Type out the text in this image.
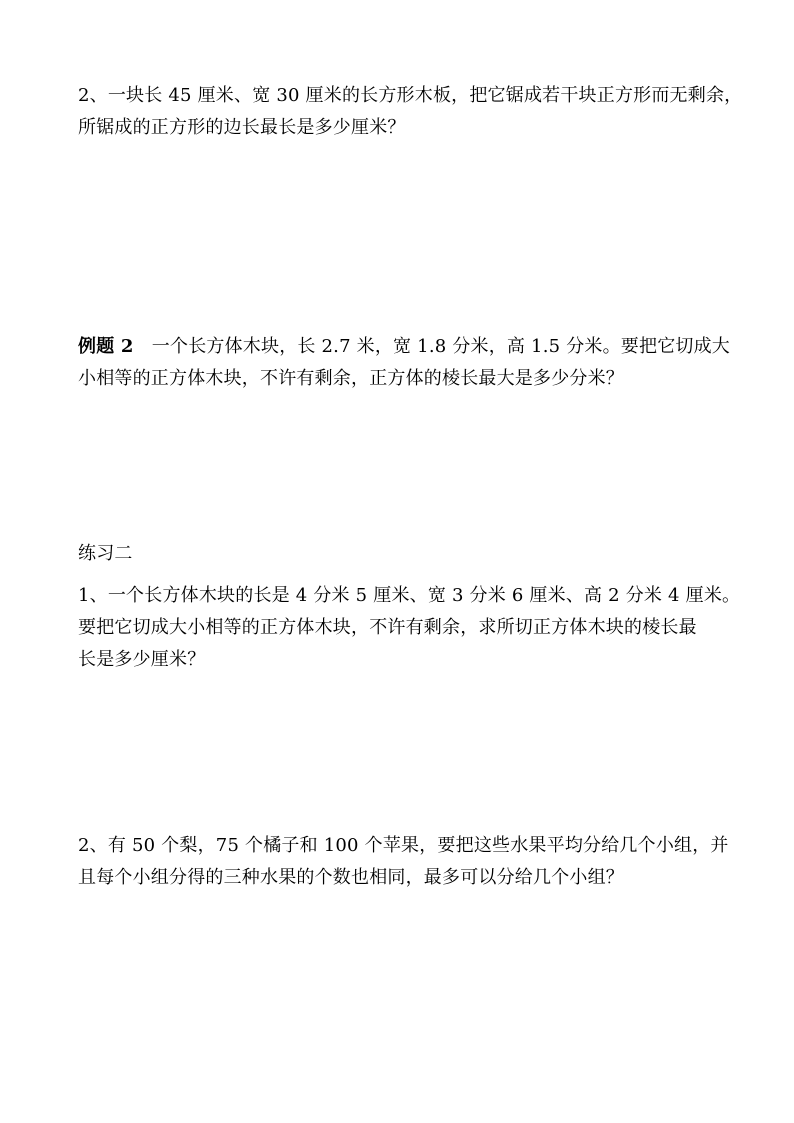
2、一块长 45 厘米、宽 30 厘米的长方形木板，把它锯成若干块正方形而无剩余，
所锯成的正方形的边长最长是多少厘米？

例题 2　一个长方体木块，长 2.7 米，宽 1.8 分米，高 1.5 分米。要把它切成大
小相等的正方体木块，不许有剩余，正方体的棱长最大是多少分米？

练习二

1、一个长方体木块的长是 4 分米 5 厘米、宽 3 分米 6 厘米、高 2 分米 4 厘米。
要把它切成大小相等的正方体木块，不许有剩余，求所切正方体木块的棱长最
长是多少厘米？

2、有 50 个梨，75 个橘子和 100 个苹果，要把这些水果平均分给几个小组，并
且每个小组分得的三种水果的个数也相同，最多可以分给几个小组？
